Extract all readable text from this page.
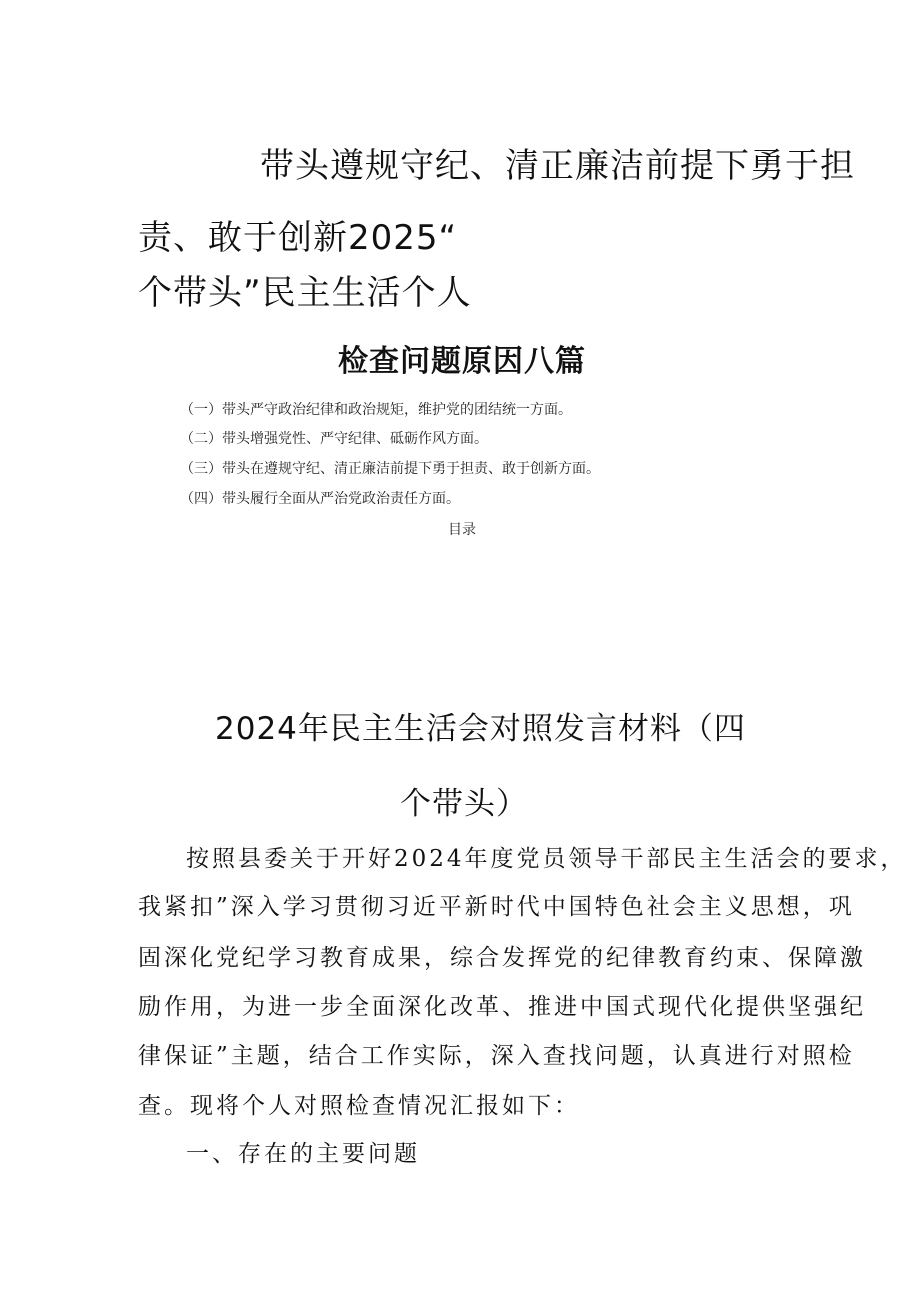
带头遵规守纪、清正廉洁前提下勇于担
责、敢于创新2025“
个带头”民主生活个人
检查问题原因八篇
（一）带头严守政治纪律和政治规矩，维护党的团结统一方面。
（二）带头增强党性、严守纪律、砥砺作风方面。
（三）带头在遵规守纪、清正廉洁前提下勇于担责、敢于创新方面。
（四）带头履行全面从严治党政治责任方面。
目录
2024年民主生活会对照发言材料（四
个带头）
按照县委关于开好2024年度党员领导干部民主生活会的要求，
我紧扣”深入学习贯彻习近平新时代中国特色社会主义思想，巩
固深化党纪学习教育成果，综合发挥党的纪律教育约束、保障激
励作用，为进一步全面深化改革、推进中国式现代化提供坚强纪
律保证”主题，结合工作实际，深入查找问题，认真进行对照检
查。现将个人对照检查情况汇报如下：
一、存在的主要问题
